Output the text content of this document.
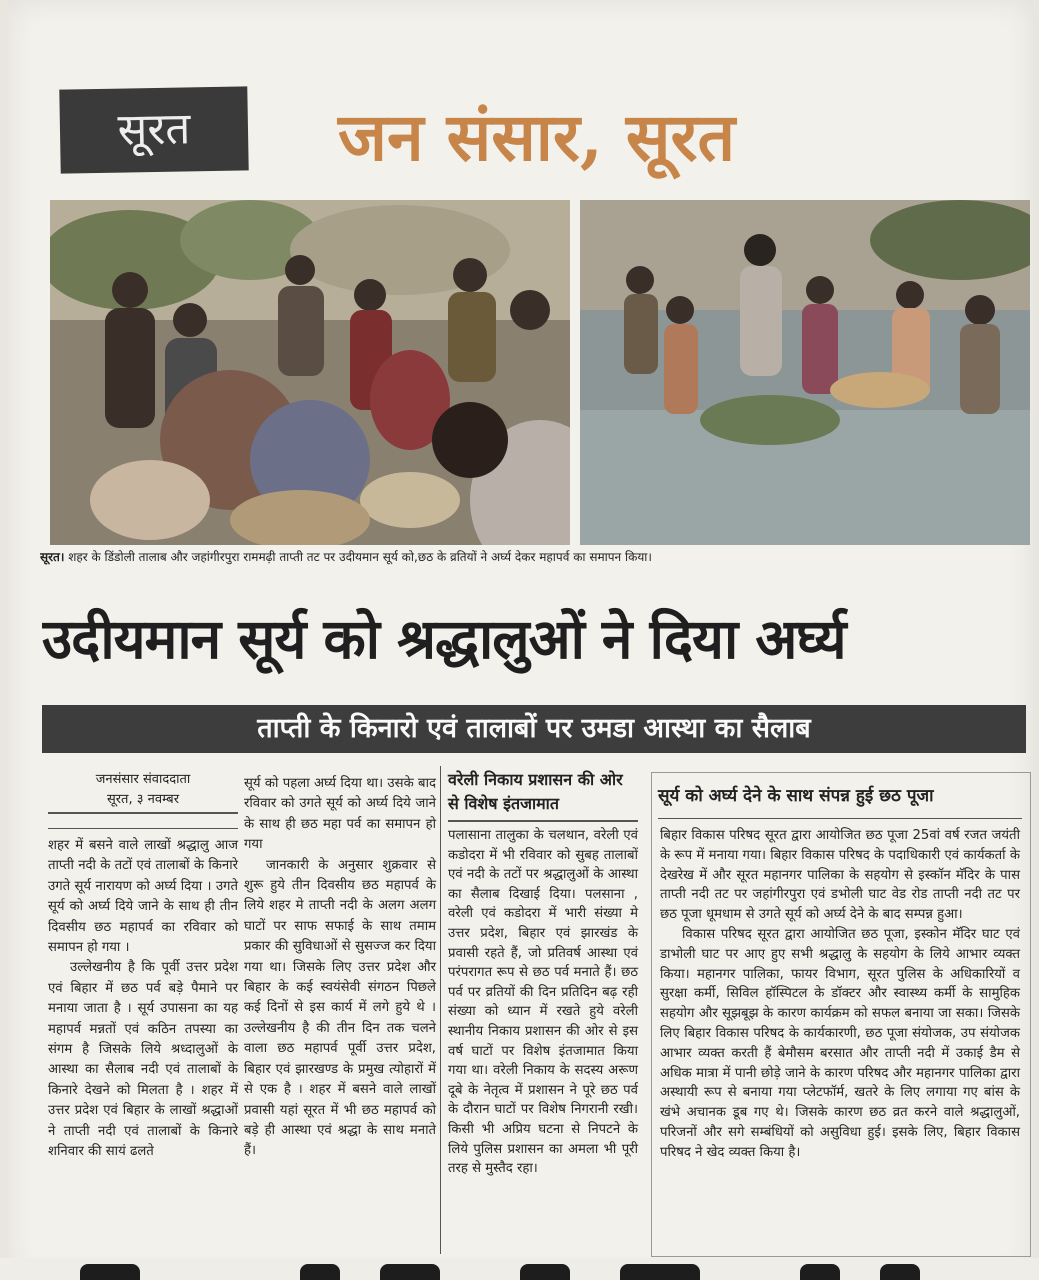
सूरत	जन संसार, सूरत
सूरत। शहर के डिंडोली तालाब और जहांगीरपुरा राममढ़ी ताप्ती तट पर उदीयमान सूर्य को,छठ के व्रतियों ने अर्घ्य देकर महापर्व का समापन किया।
उदीयमान सूर्य को श्रद्धालुओं ने दिया अर्घ्य
ताप्ती के किनारो एवं तालाबों पर उमडा आस्था का सैलाब
जनसंसार संवाददाता
सूरत, ३ नवम्बर

शहर में बसने वाले लाखों श्रद्धालु आज ताप्ती नदी के तटों एवं तालाबों के किनारे उगते सूर्य नारायण को अर्घ्य दिया । उगते सूर्य को अर्घ्य दिये जाने के साथ ही तीन दिवसीय छठ महापर्व का रविवार को समापन हो गया ।

उल्लेखनीय है कि पूर्वी उत्तर प्रदेश एवं बिहार में छठ पर्व बड़े पैमाने पर मनाया जाता है । सूर्य उपासना का यह महापर्व मन्नतों एवं कठिन तपस्या का संगम है जिसके लिये श्रध्दालुओं के आस्था का सैलाब नदी एवं तालाबों के किनारे देखने को मिलता है । शहर में उत्तर प्रदेश एवं बिहार के लाखों श्रद्धाओं ने ताप्ती नदी एवं तालाबों के किनारे शनिवार की सायं ढलते

सूर्य को पहला अर्घ्य दिया था। उसके बाद रविवार को उगते सूर्य को अर्घ्य दिये जाने के साथ ही छठ महा पर्व का समापन हो गया

जानकारी के अनुसार शुक्रवार से शुरू हुये तीन दिवसीय छठ महापर्व के लिये शहर मे ताप्ती नदी के अलग अलग घाटों पर साफ सफाई के साथ तमाम प्रकार की सुविधाओं से सुसज्ज कर दिया गया था। जिसके लिए उत्तर प्रदेश और बिहार के कई स्वयंसेवी संगठन पिछले कई दिनों से इस कार्य में लगे हुये थे । उल्लेखनीय है की तीन दिन तक चलने वाला छठ महापर्व पूर्वी उत्तर प्रदेश, बिहार एवं झारखण्ड के प्रमुख त्योहारों में से एक है । शहर में बसने वाले लाखों प्रवासी यहां सूरत में भी छठ महापर्व को बड़े ही आस्था एवं श्रद्धा के साथ मनाते हैं।

वरेली निकाय प्रशासन की ओर से विशेष इंतजामात

पलासाना तालुका के चलथान, वरेली एवं कडोदरा में भी रविवार को सुबह तालाबों एवं नदी के तटों पर श्रद्धालुओं के आस्था का सैलाब दिखाई दिया। पलसाना , वरेली एवं कडोदरा में भारी संख्या मे उत्तर प्रदेश, बिहार एवं झारखंड के प्रवासी रहते हैं, जो प्रतिवर्ष आस्था एवं परंपरागत रूप से छठ पर्व मनाते हैं। छठ पर्व पर व्रतियों की दिन प्रतिदिन बढ़ रही संख्या को ध्यान में रखते हुये वरेली स्थानीय निकाय प्रशासन की ओर से इस वर्ष घाटों पर विशेष इंतजामात किया गया था। वरेली निकाय के सदस्य अरूण दूबे के नेतृत्व में प्रशासन ने पूरे छठ पर्व के दौरान घाटों पर विशेष निगरानी रखी। किसी भी अप्रिय घटना से निपटने के लिये पुलिस प्रशासन का अमला भी पूरी तरह से मुस्तैद रहा।

सूर्य को अर्घ्य देने के साथ संपन्न हुई छठ पूजा

बिहार विकास परिषद सूरत द्वारा आयोजित छठ पूजा 25वां वर्ष रजत जयंती के रूप में मनाया गया। बिहार विकास परिषद के पदाधिकारी एवं कार्यकर्ता के देखरेख में और सूरत महानगर पालिका के सहयोग से इस्कॉन मॅदिर के पास ताप्ती नदी तट पर जहांगीरपुरा एवं डभोली घाट वेड रोड ताप्ती नदी तट पर छठ पूजा धूमधाम से उगते सूर्य को अर्घ्य देने के बाद सम्पन्न हुआ।

विकास परिषद सूरत द्वारा आयोजित छठ पूजा, इस्कोन मॅदिर घाट एवं डाभोली घाट पर आए हुए सभी श्रद्धालु के सहयोग के लिये आभार व्यक्त किया। महानगर पालिका, फायर विभाग, सूरत पुलिस के अधिकारियों व सुरक्षा कर्मी, सिविल हॉस्पिटल के डॉक्टर और स्वास्थ्य कर्मी के सामुहिक सहयोग और सूझबूझ के कारण कार्यक्रम को सफल बनाया जा सका। जिसके लिए बिहार विकास परिषद के कार्यकारणी, छठ पूजा संयोजक, उप संयोजक आभार व्यक्त करती हैं बेमौसम बरसात और ताप्ती नदी में उकाई डैम से अधिक मात्रा में पानी छोड़े जाने के कारण परिषद और महानगर पालिका द्वारा अस्थायी रूप से बनाया गया प्लेटफॉर्म, खतरे के लिए लगाया गए बांस के खंभे अचानक डूब गए थे। जिसके कारण छठ व्रत करने वाले श्रद्धालुओं, परिजनों और सगे सम्बंधियों को असुविधा हुई। इसके लिए, बिहार विकास परिषद ने खेद व्यक्त किया है।
